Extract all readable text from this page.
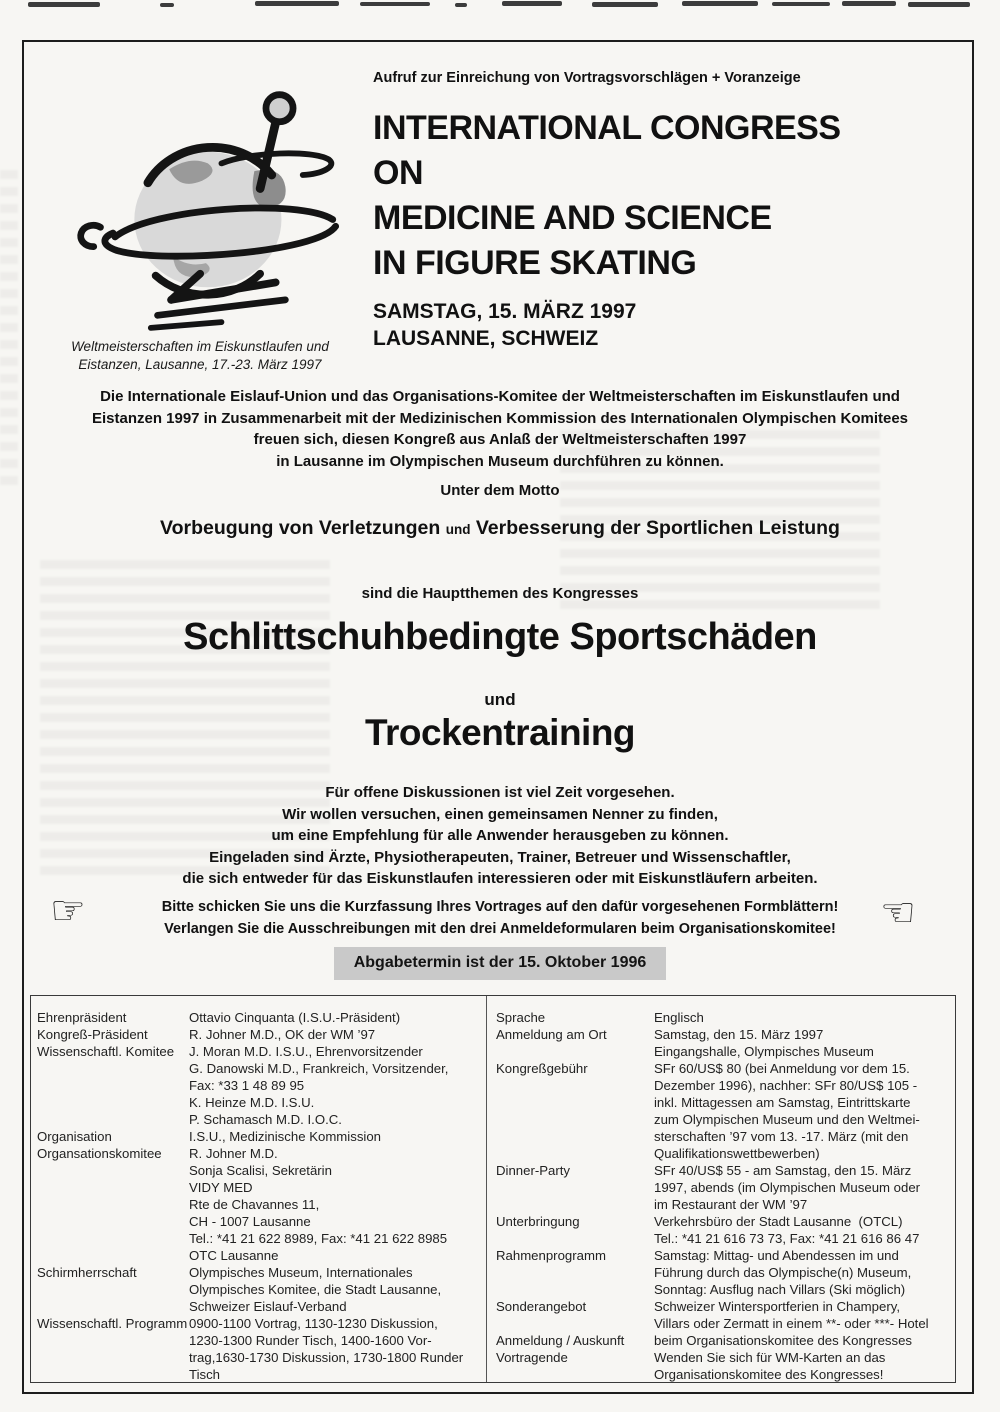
Weltmeisterschaften im Eiskunstlaufen und
Eistanzen, Lausanne, 17.-23. März 1997
Aufruf zur Einreichung von Vortragsvorschlägen + Voranzeige
INTERNATIONAL CONGRESS
ON
MEDICINE AND SCIENCE
IN FIGURE SKATING
SAMSTAG, 15. MÄRZ 1997
LAUSANNE, SCHWEIZ
Die Internationale Eislauf-Union und das Organisations-Komitee der Weltmeisterschaften im Eiskunstlaufen und
Eistanzen 1997 in Zusammenarbeit mit der Medizinischen Kommission des Internationalen Olympischen Komitees
freuen sich, diesen Kongreß aus Anlaß der Weltmeisterschaften 1997
in Lausanne im Olympischen Museum durchführen zu können.
Unter dem Motto
Vorbeugung von Verletzungen und Verbesserung der Sportlichen Leistung
sind die Hauptthemen des Kongresses
Schlittschuhbedingte Sportschäden
und
Trockentraining
Für offene Diskussionen ist viel Zeit vorgesehen.
Wir wollen versuchen, einen gemeinsamen Nenner zu finden,
um eine Empfehlung für alle Anwender herausgeben zu können.
Eingeladen sind Ärzte, Physiotherapeuten, Trainer, Betreuer und Wissenschaftler,
die sich entweder für das Eiskunstlaufen interessieren oder mit Eiskunstläufern arbeiten.
☞	Bitte schicken Sie uns die Kurzfassung Ihres Vortrages auf den dafür vorgesehenen Formblättern!
Verlangen Sie die Ausschreibungen mit den drei Anmeldeformularen beim Organisationskomitee!	☜
Abgabetermin ist der 15. Oktober 1996
Ehrenpräsident	Ottavio Cinquanta (I.S.U.-Präsident)
Kongreß-Präsident	R. Johner M.D., OK der WM ’97
Wissenschaftl. Komitee	J. Moran M.D. I.S.U., Ehrenvorsitzender
G. Danowski M.D., Frankreich, Vorsitzender,
Fax: *33 1 48 89 95
K. Heinze M.D. I.S.U.
P. Schamasch M.D. I.O.C.
Organisation	I.S.U., Medizinische Kommission
Organsationskomitee	R. Johner M.D.
Sonja Scalisi, Sekretärin
VIDY MED
Rte de Chavannes 11,
CH - 1007 Lausanne
Tel.: *41 21 622 8989, Fax: *41 21 622 8985
OTC Lausanne
Schirmherrschaft	Olympisches Museum, Internationales
Olympisches Komitee, die Stadt Lausanne,
Schweizer Eislauf-Verband
Wissenschaftl. Programm 0900-1100 Vortrag, 1130-1230 Diskussion,
1230-1300 Runder Tisch, 1400-1600 Vor-
trag,1630-1730 Diskussion, 1730-1800 Runder
Tisch
Sprache	Englisch
Anmeldung am Ort	Samstag, den 15. März 1997
Eingangshalle, Olympisches Museum
Kongreßgebühr	SFr 60/US$ 80 (bei Anmeldung vor dem 15.
Dezember 1996), nachher: SFr 80/US$ 105 -
inkl. Mittagessen am Samstag, Eintrittskarte
zum Olympischen Museum und den Weltmei-
sterschaften ’97 vom 13. -17. März (mit den
Qualifikationswettbewerben)
Dinner-Party	SFr 40/US$ 55 - am Samstag, den 15. März
1997, abends (im Olympischen Museum oder
im Restaurant der WM ’97
Unterbringung	Verkehrsbüro der Stadt Lausanne  (OTCL)
Tel.: *41 21 616 73 73, Fax: *41 21 616 86 47
Rahmenprogramm	Samstag: Mittag- und Abendessen im und
Führung durch das Olympische(n) Museum,
Sonntag: Ausflug nach Villars (Ski möglich)
Sonderangebot	Schweizer Wintersportferien in Champery,
Villars oder Zermatt in einem **- oder ***- Hotel
Anmeldung / Auskunft	beim Organisationskomitee des Kongresses
Vortragende	Wenden Sie sich für WM-Karten an das
Organisationskomitee des Kongresses!
